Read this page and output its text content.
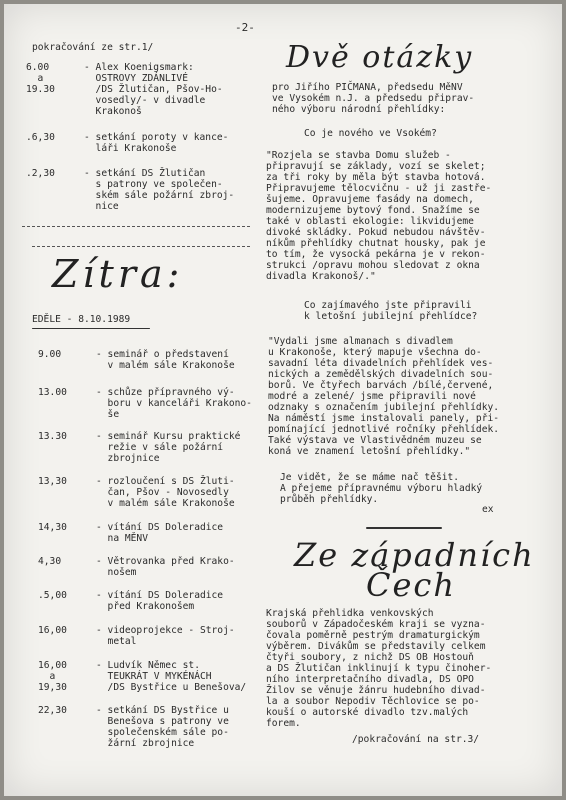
-2-
pokračování ze str.1/
6.00
a
19.30
- Alex Koenigsmark:
OSTROVY ZDÁNLIVÉ
/DS Žlutičan, Pšov-Ho-
vosedly/- v divadle
Krakonoš
.6,30	- setkání poroty v kance-
láři Krakonoše
.2,30	- setkání DS Žlutičan
s patrony ve společen-
ském sále požární zbroj-
nice
Zítra:
EDĚLE - 8.10.1989
9.00	- seminář o představení
v malém sále Krakonoše
13.00	- schůze přípravného vý-
boru v kanceláři Krakono-
še
13.30	- seminář Kursu praktické
režie v sále požární
zbrojnice
13,30	- rozloučení s DS Žluti-
čan, Pšov - Novosedly
v malém sále Krakonoše
14,30	- vítání DS Doleradice
na MĚNV
4,30	- Větrovanka před Krako-
nošem
.5,00	- vítání DS Doleradice
před Krakonošem
16,00	- videoprojekce - Stroj-
metal
16,00
a
19,30
- Ludvík Němec st.
TEUKRÁT V MYKÉNÁCH
/DS Bystřice u Benešova/
22,30	- setkání DS Bystřice u
Benešova s patrony ve
společenském sále po-
žární zbrojnice
Dvě otázky
pro Jiřího PIČMANA, předsedu MěNV
ve Vysokém n.J. a předsedu připrav-
ného výboru národní přehlídky:
Co je nového ve Vsokém?
"Rozjela se stavba Domu služeb -
připravují se základy, vozí se skelet;
za tři roky by měla být stavba hotová.
Připravujeme tělocvičnu - už ji zastře-
šujeme. Opravujeme fasády na domech,
modernizujeme bytový fond. Snažíme se
také v oblasti ekologie: likvidujeme
divoké skládky. Pokud nebudou návštěv-
níkům přehlídky chutnat housky, pak je
to tím, že vysocká pekárna je v rekon-
strukci /opravu mohou sledovat z okna
divadla Krakonoš/."
Co zajímavého jste připravili
k letošní jubilejní přehlídce?
"Vydali jsme almanach s divadlem
u Krakonoše, který mapuje všechna do-
savadní léta divadelních přehlídek ves-
nických a zemědělských divadelních sou-
borů. Ve čtyřech barvách /bílé,červené,
modré a zelené/ jsme připravili nové
odznaky s označením jubilejní přehlídky.
Na náměstí jsme instalovali panely, při-
pomínající jednotlivé ročníky přehlídek.
Také výstava ve Vlastivědném muzeu se
koná ve znamení letošní přehlídky."
Je vidět, že se máme nač těšit.
A přejeme přípravnému výboru hladký
průběh přehlídky.
ex
Ze západních
Čech
Krajská přehlidka venkovských
souborů v Západočeském kraji se vyzna-
čovala poměrně pestrým dramaturgickým
výběrem. Divákům se představily celkem
čtyři soubory, z nichž DS OB Hostouň
a DS Žlutičan inklinují k typu činoher-
ního interpretačního divadla, DS OPO
Žilov se věnuje žánru hudebního divad-
la a soubor Nepodiv Těchlovice se po-
kouší o autorské divadlo tzv.malých
forem.
/pokračování na str.3/
